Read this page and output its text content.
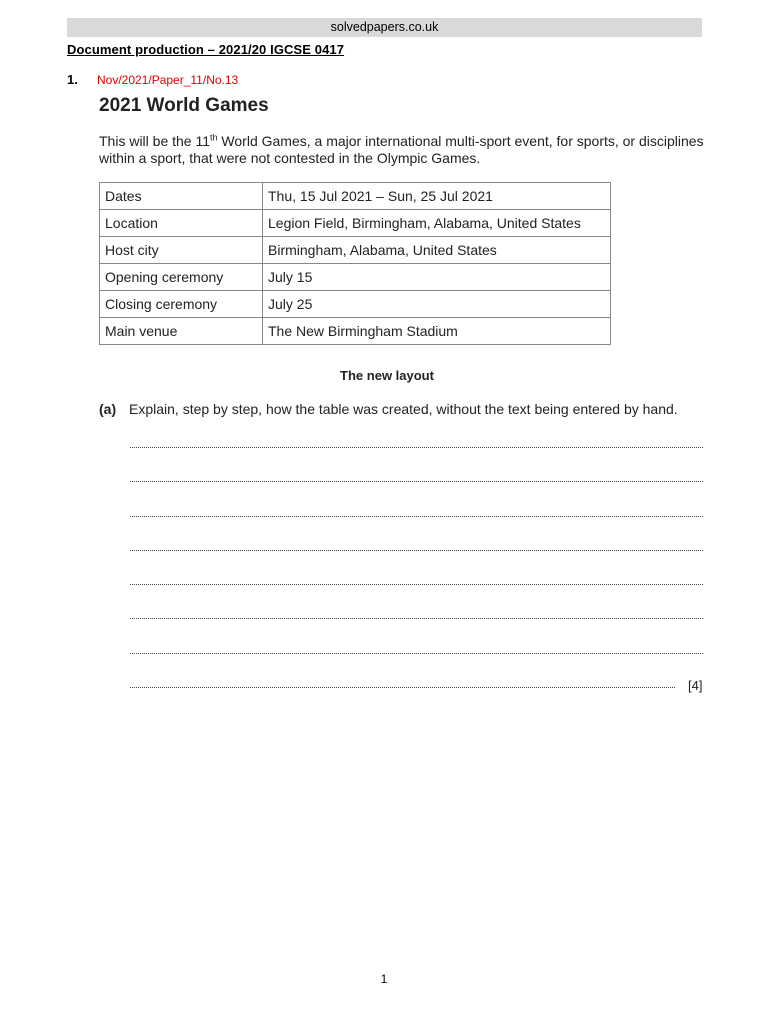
solvedpapers.co.uk
Document production – 2021/20 IGCSE 0417
1. Nov/2021/Paper_11/No.13
2021 World Games
This will be the 11th World Games, a major international multi-sport event, for sports, or disciplines within a sport, that were not contested in the Olympic Games.
Dates	Thu, 15 Jul 2021 – Sun, 25 Jul 2021
Location	Legion Field, Birmingham, Alabama, United States
Host city	Birmingham, Alabama, United States
Opening ceremony	July 15
Closing ceremony	July 25
Main venue	The New Birmingham Stadium
The new layout
(a) Explain, step by step, how the table was created, without the text being entered by hand.
[4]
1
